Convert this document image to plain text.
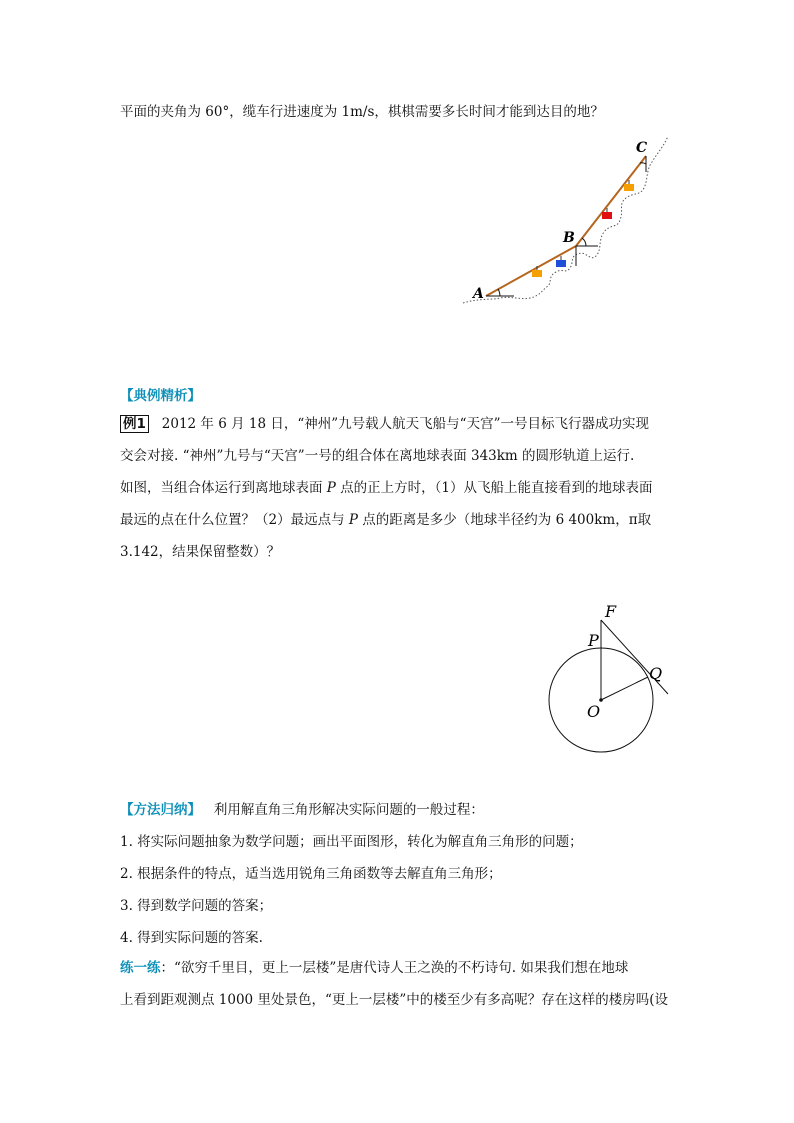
平面的夹角为 60°，缆车行进速度为 1m/s，棋棋需要多长时间才能到达目的地？
A
B
C
【典例精析】
例1 2012 年 6 月 18 日，“神州”九号载人航天飞船与“天宫”一号目标飞行器成功实现
交会对接. “神州”九号与“天宫”一号的组合体在离地球表面 343km 的圆形轨道上运行.
如图，当组合体运行到离地球表面 P 点的正上方时，（1）从飞船上能直接看到的地球表面
最远的点在什么位置？（2）最远点与 P 点的距离是多少（地球半径约为 6 400km，π取
3.142，结果保留整数）？
F
P
Q
O
【方法归纳】 利用解直角三角形解决实际问题的一般过程：
1. 将实际问题抽象为数学问题；画出平面图形，转化为解直角三角形的问题；
2. 根据条件的特点，适当选用锐角三角函数等去解直角三角形；
3. 得到数学问题的答案；
4. 得到实际问题的答案.
练一练：“欲穷千里目，更上一层楼”是唐代诗人王之涣的不朽诗句. 如果我们想在地球
上看到距观测点 1000 里处景色，“更上一层楼”中的楼至少有多高呢？存在这样的楼房吗(设
